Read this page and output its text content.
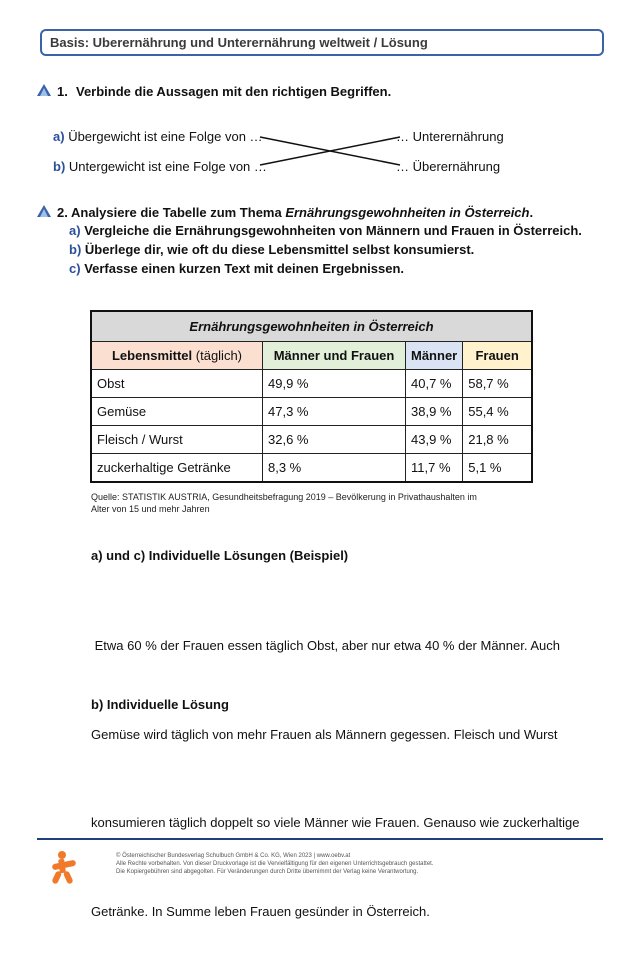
Basis: Uberernährung und Unterernährung weltweit / Lösung
1. Verbinde die Aussagen mit den richtigen Begriffen.
a) Übergewicht ist eine Folge von …
b) Untergewicht ist eine Folge von …
… Unterernährung
… Überernährung
2. Analysiere die Tabelle zum Thema Ernährungsgewohnheiten in Österreich.
a) Vergleiche die Ernährungsgewohnheiten von Männern und Frauen in Österreich.
b) Überlege dir, wie oft du diese Lebensmittel selbst konsumierst.
c) Verfasse einen kurzen Text mit deinen Ergebnissen.
Ernährungsgewohnheiten in Österreich			
Lebensmittel (täglich)	Männer und Frauen	Männer	Frauen
Obst	49,9 %	40,7 %	58,7 %
Gemüse	47,3 %	38,9 %	55,4 %
Fleisch / Wurst	32,6 %	43,9 %	21,8 %
zuckerhaltige Getränke	8,3 %	11,7 %	5,1 %
Quelle: STATISTIK AUSTRIA, Gesundheitsbefragung 2019 – Bevölkerung in Privathaushalten im
Alter von 15 und mehr Jahren
a) und c) Individuelle Lösungen (Beispiel)

Etwa 60 % der Frauen essen täglich Obst, aber nur etwa 40 % der Männer. Auch

Gemüse wird täglich von mehr Frauen als Männern gegessen. Fleisch und Wurst

konsumieren täglich doppelt so viele Männer wie Frauen. Genauso wie zuckerhaltige

Getränke. In Summe leben Frauen gesünder in Österreich.

b) Individuelle Lösung
© Österreichischer Bundesverlag Schulbuch GmbH & Co. KG, Wien 2023 | www.oebv.at
Alle Rechte vorbehalten. Von dieser Druckvorlage ist die Vervielfältigung für den eigenen Unterrichtsgebrauch gestattet.
Die Kopiergebühren sind abgegolten. Für Veränderungen durch Dritte übernimmt der Verlag keine Verantwortung.
